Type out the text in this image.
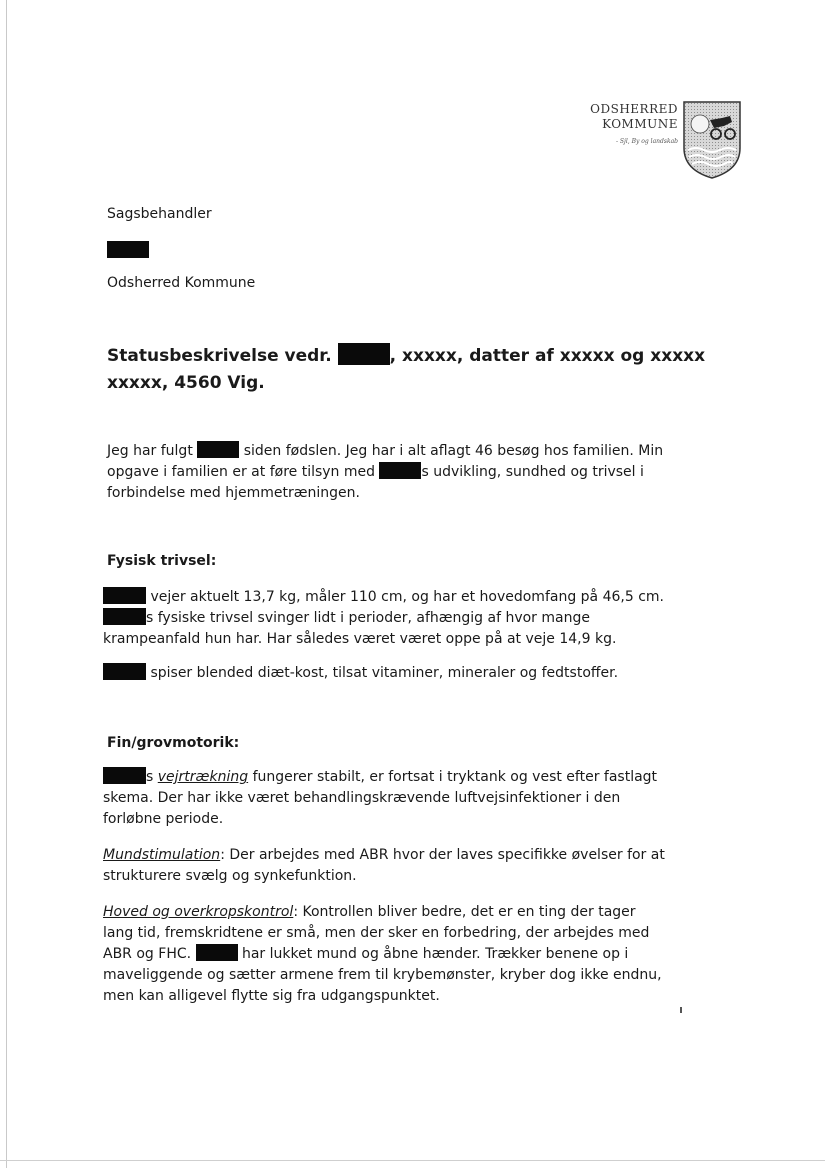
ODSHERRED
KOMMUNE
- Sjl, By og landskab
Sagsbehandler
Odsherred Kommune
Statusbeskrivelse vedr.	, xxxxx, datter af xxxxx og xxxxx
xxxxx, 4560 Vig.
Jeg har fulgt	siden fødslen. Jeg har i alt aflagt 46 besøg hos familien. Min
opgave i familien er at føre tilsyn med	s udvikling, sundhed og trivsel i
forbindelse med hjemmetræningen.
Fysisk trivsel:
vejer aktuelt 13,7 kg, måler 110 cm, og har et hovedomfang på 46,5 cm.
s fysiske trivsel svinger lidt i perioder, afhængig af hvor mange
krampeanfald hun har. Har således været været oppe på at veje 14,9 kg.
spiser blended diæt-kost, tilsat vitaminer, mineraler og fedtstoffer.
Fin/grovmotorik:
s vejrtrækning fungerer stabilt, er fortsat i tryktank og vest efter fastlagt
skema. Der har ikke været behandlingskrævende luftvejsinfektioner i den
forløbne periode.
Mundstimulation: Der arbejdes med ABR hvor der laves specifikke øvelser for at
strukturere svælg og synkefunktion.
Hoved og overkropskontrol: Kontrollen bliver bedre, det er en ting der tager
lang tid, fremskridtene er små, men der sker en forbedring, der arbejdes med
ABR og FHC.	har lukket mund og åbne hænder. Trækker benene op i
maveliggende og sætter armene frem til krybemønster, kryber dog ikke endnu,
men kan alligevel flytte sig fra udgangspunktet.
